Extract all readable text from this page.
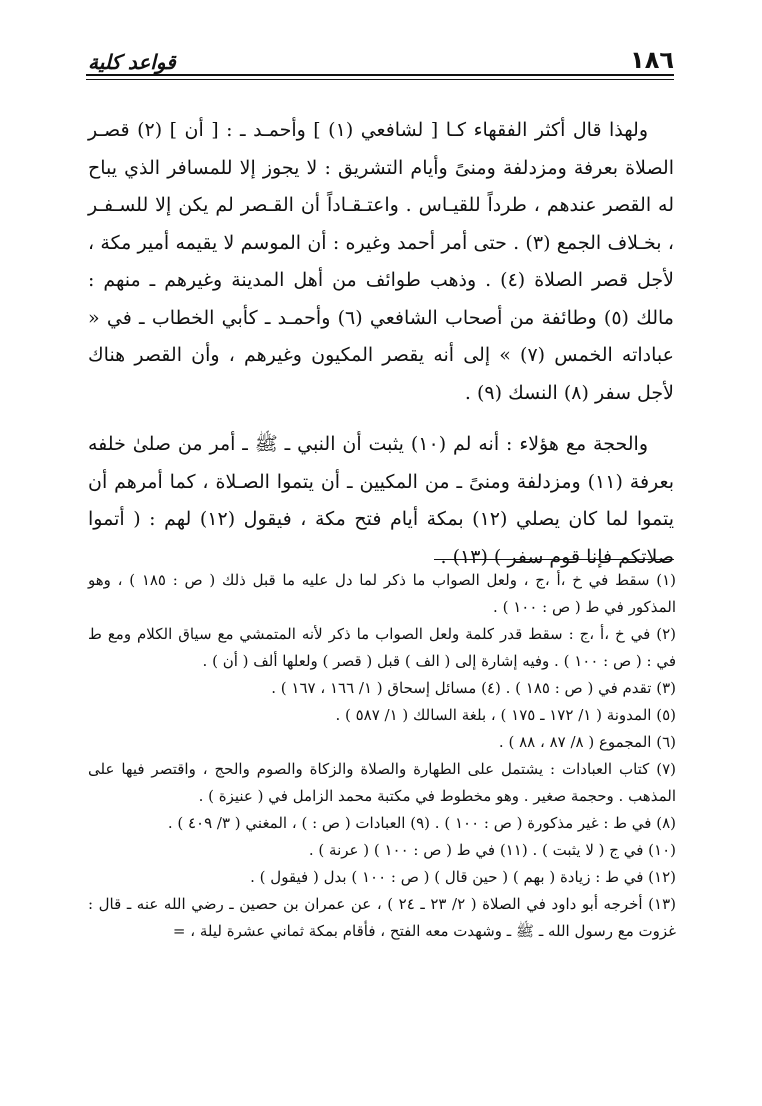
قواعد كلية	١٨٦

ولهذا قال أكثر الفقهاء كـا [ لشافعي (١) ] وأحمـد ـ : [ أن ] (٢) قصـر الصلاة بعرفة ومزدلفة ومنىً وأيام التشريق : لا يجوز إلا للمسافر الذي يباح له القصر عندهم ، طرداً للقيـاس . واعتـقـاداً أن القـصر لم يكن إلا للسـفـر ، بخـلاف الجمع (٣) . حتى أمر أحمد وغيره : أن الموسم لا يقيمه أمير مكة ، لأجل قصر الصلاة (٤) . وذهب طوائف من أهل المدينة وغيرهم ـ منهم : مالك (٥) وطائفة من أصحاب الشافعي (٦) وأحمـد ـ كأبي الخطاب ـ في « عباداته الخمس (٧) » إلى أنه يقصر المكيون وغيرهم ، وأن القصر هناك لأجل سفر (٨) النسك (٩) .

والحجة مع هؤلاء : أنه لم (١٠) يثبت أن النبي ـ ﷺ ـ أمر من صلىٰ خلفه بعرفة (١١) ومزدلفة ومنىً ـ من المكيين ـ أن يتموا الصـلاة ، كما أمرهم أن يتموا لما كان يصلي (١٢) بمكة أيام فتح مكة ، فيقول (١٢) لهم : ( أتموا صلاتكم فإنا قوم سفر ) (١٣) .

(١) سقط في خ ،أ ،ج ، ولعل الصواب ما ذكر لما دل عليه ما قبل ذلك ( ص : ١٨٥ ) ، وهو المذكور في ط ( ص : ١٠٠ ) .

(٢) في خ ،أ ،ج : سقط قدر كلمة ولعل الصواب ما ذكر لأنه المتمشي مع سياق الكلام ومع ط في : ( ص : ١٠٠ ) . وفيه إشارة إلى ( الف ) قبل ( قصر ) ولعلها ألف ( أن ) .

(٣) تقدم في ( ص : ١٨٥ ) . (٤) مسائل إسحاق ( ١/ ١٦٦ ، ١٦٧ ) .

(٥) المدونة ( ١/ ١٧٢ ـ ١٧٥ ) ، بلغة السالك ( ١/ ٥٨٧ ) .

(٦) المجموع ( ٨/ ٨٧ ، ٨٨ ) .

(٧) كتاب العبادات : يشتمل على الطهارة والصلاة والزكاة والصوم والحج ، واقتصر فيها على المذهب . وحجمة صغير . وهو مخطوط في مكتبة محمد الزامل في ( عنيزة ) .

(٨) في ط : غير مذكورة ( ص : ١٠٠ ) . (٩) العبادات ( ص : ) ، المغني ( ٣/ ٤٠٩ ) .

(١٠) في ج ( لا يثبت ) . (١١) في ط ( ص : ١٠٠ ) ( عرنة ) .

(١٢) في ط : زيادة ( بهم ) ( حين قال ) ( ص : ١٠٠ ) بدل ( فيقول ) .

(١٣) أخرجه أبو داود في الصلاة ( ٢/ ٢٣ ـ ٢٤ ) ، عن عمران بن حصين ـ رضي الله عنه ـ قال : غزوت مع رسول الله ـ ﷺ ـ وشهدت معه الفتح ، فأقام بمكة ثماني عشرة ليلة ، =
